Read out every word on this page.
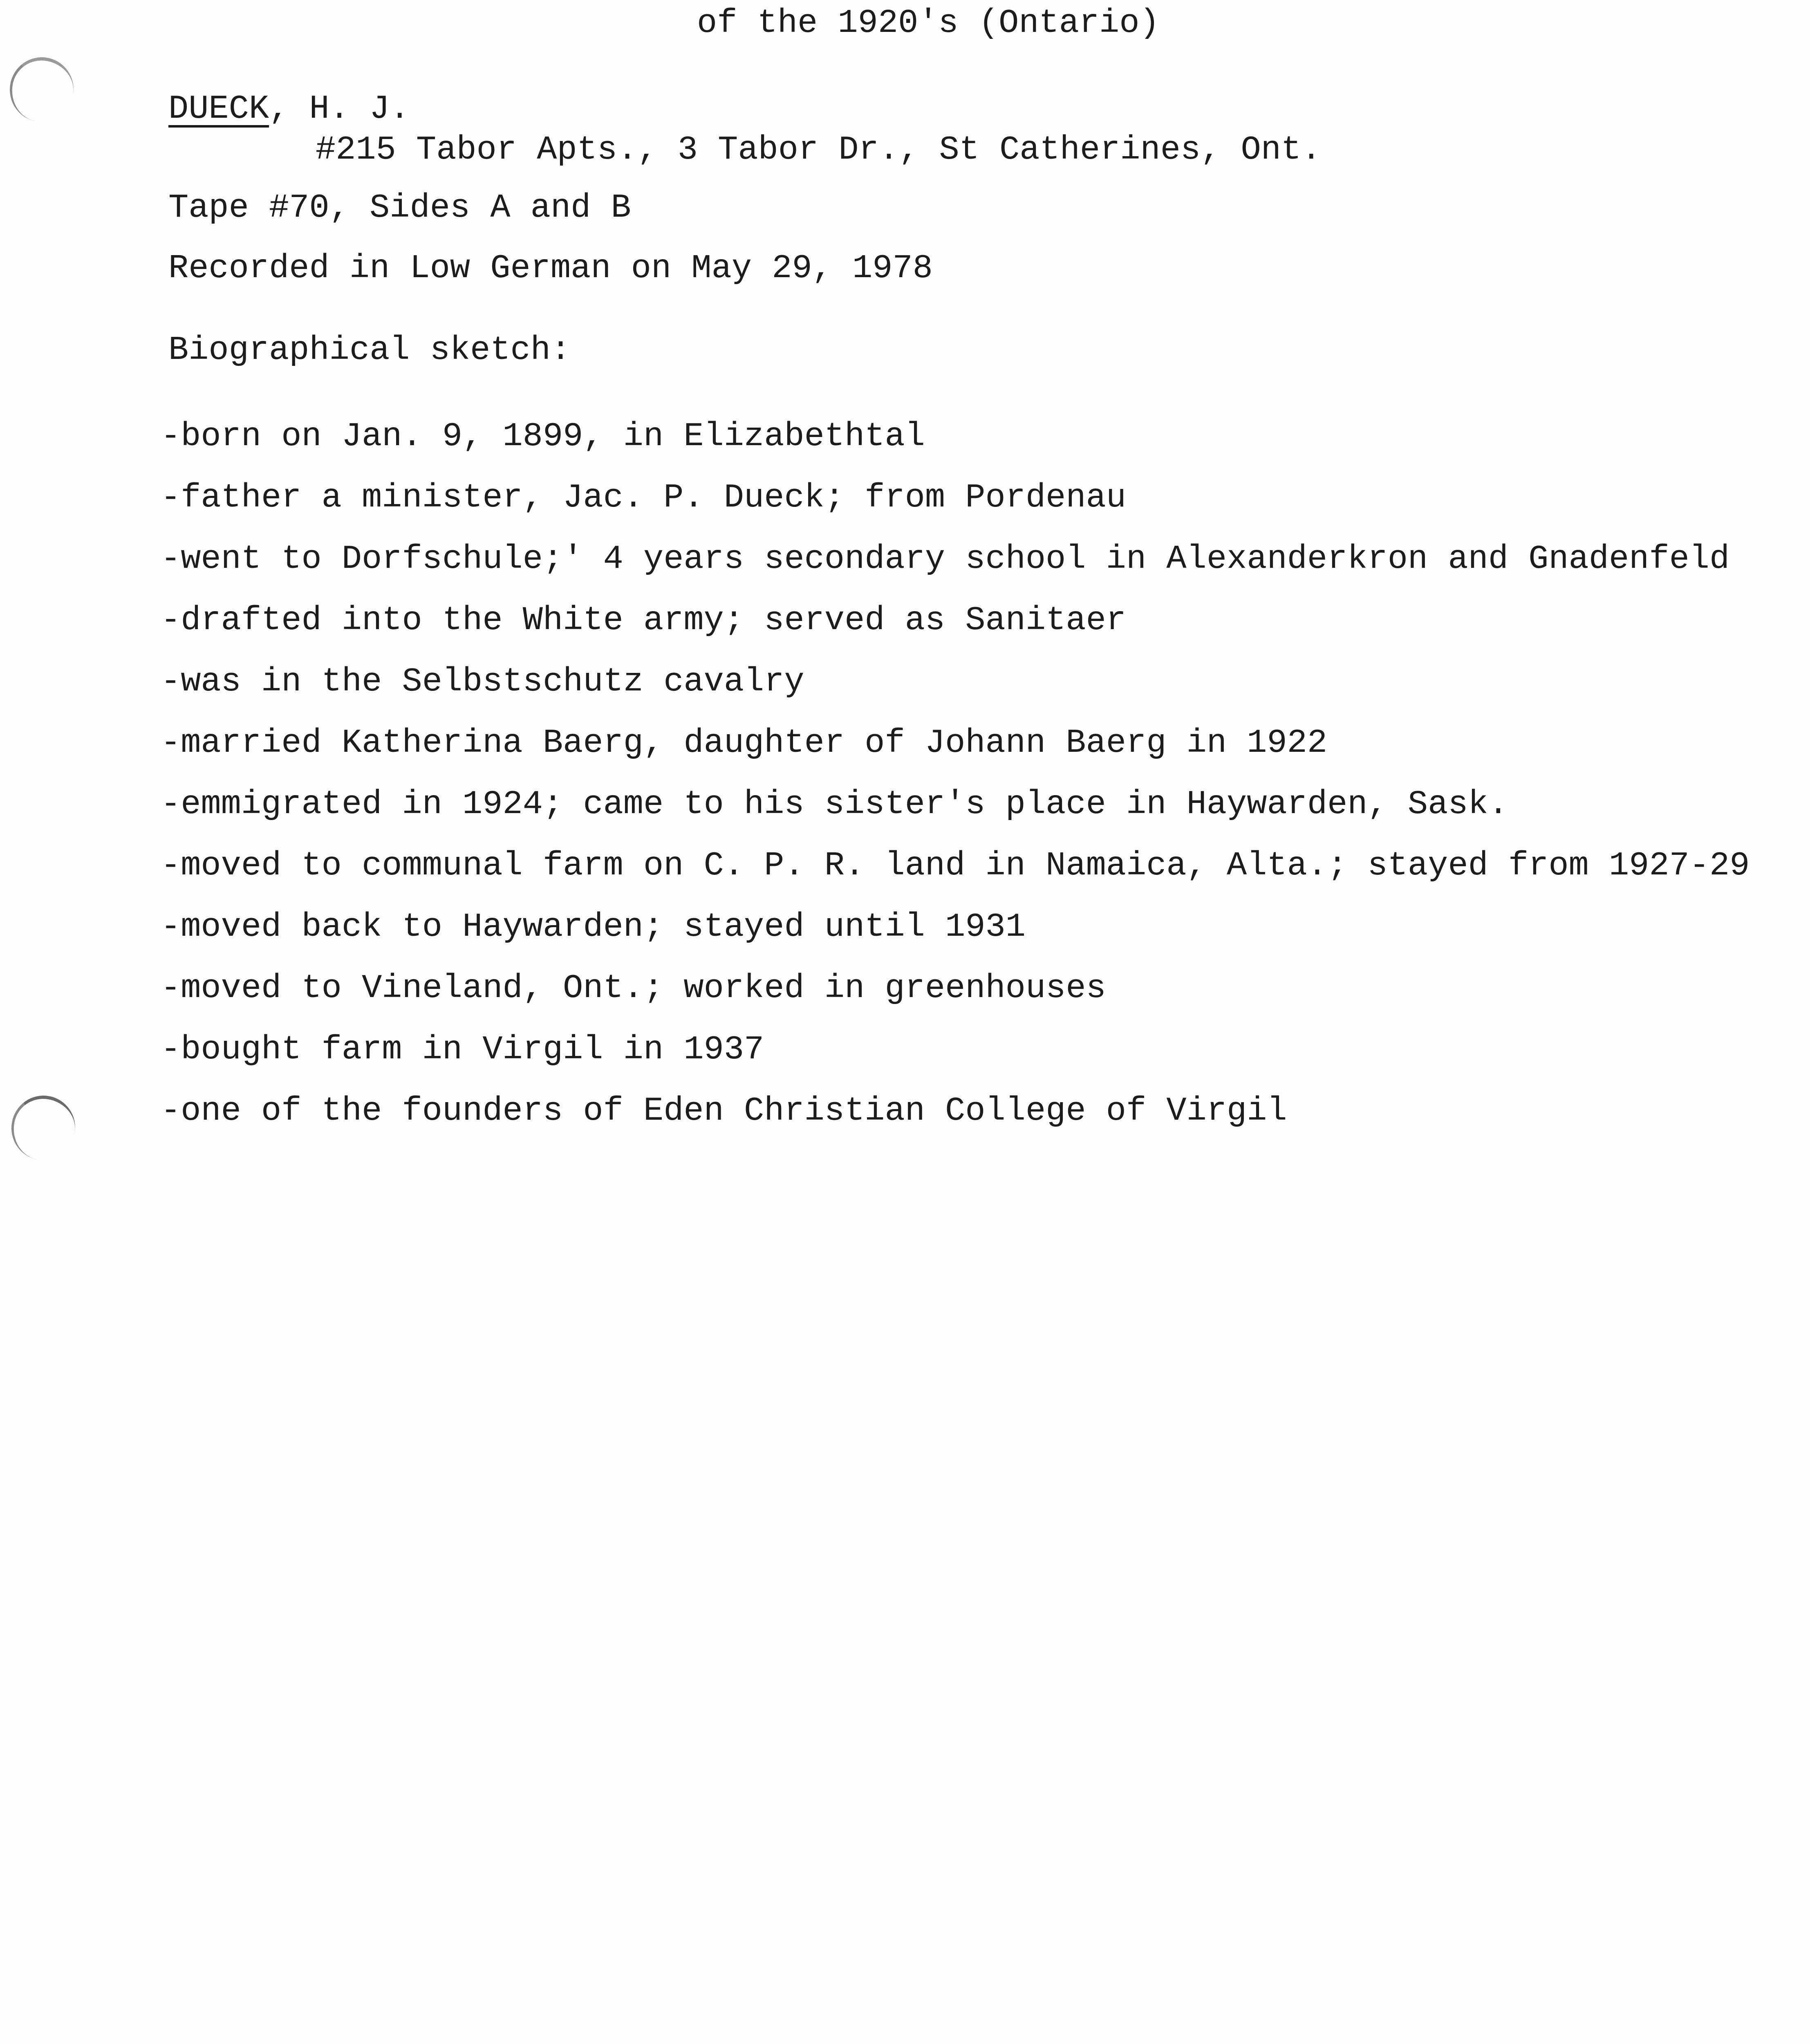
of the 1920's (Ontario)
DUECK, H. J.
#215 Tabor Apts., 3 Tabor Dr., St Catherines, Ont.
Tape #70, Sides A and B
Recorded in Low German on May 29, 1978
Biographical sketch:
-born on Jan. 9, 1899, in Elizabethtal
-father a minister, Jac. P. Dueck; from Pordenau
-went to Dorfschule;' 4 years secondary school in Alexanderkron and Gnadenfeld
-drafted into the White army; served as Sanitaer
-was in the Selbstschutz cavalry
-married Katherina Baerg, daughter of Johann Baerg in 1922
-emmigrated in 1924; came to his sister's place in Haywarden, Sask.
-moved to communal farm on C. P. R. land in Namaica, Alta.; stayed from 1927-29
-moved back to Haywarden; stayed until 1931
-moved to Vineland, Ont.; worked in greenhouses
-bought farm in Virgil in 1937
-one of the founders of Eden Christian College of Virgil
